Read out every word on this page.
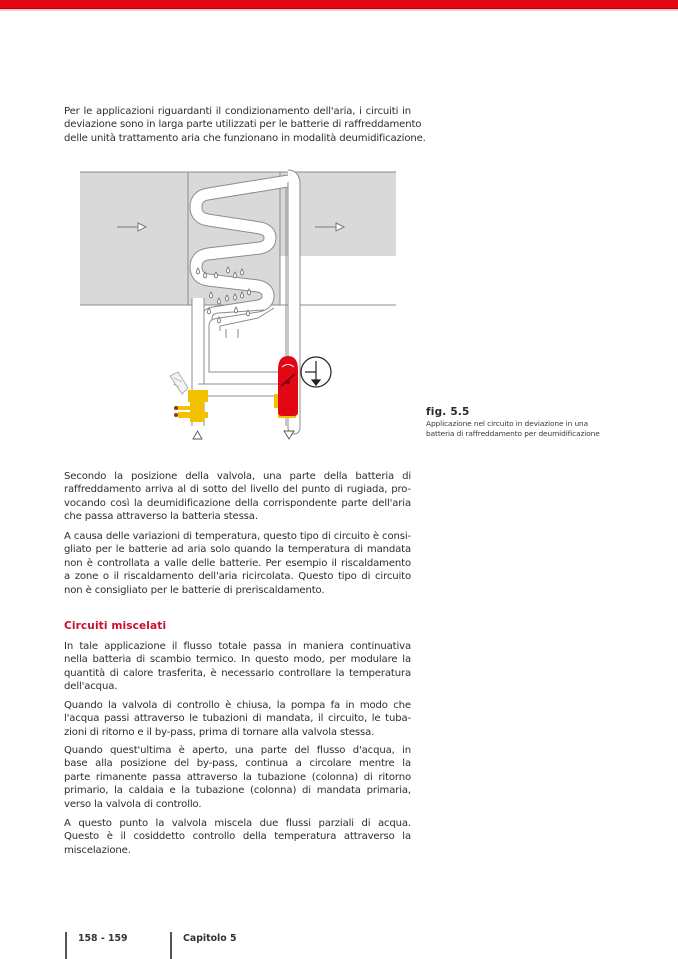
Per le applicazioni riguardanti il condizionamento dell'aria, i circuiti in
deviazione sono in larga parte utilizzati per le batterie di raffreddamento
delle unità trattamento aria che funzionano in modalità deumidificazione.
fig. 5.5
Applicazione nel circuito in deviazione in una
batteria di raffreddamento per deumidificazione
Secondo la posizione della valvola, una parte della batteria di
raffreddamento arriva al di sotto del livello del punto di rugiada, pro-
vocando così la deumidificazione della corrispondente parte dell'aria
che passa attraverso la batteria stessa.
A causa delle variazioni di temperatura, questo tipo di circuito è consi-
gliato per le batterie ad aria solo quando la temperatura di mandata
non è controllata a valle delle batterie. Per esempio il riscaldamento
a zone o il riscaldamento dell'aria ricircolata. Questo tipo di circuito
non è consigliato per le batterie di preriscaldamento.
Circuiti miscelati
In tale applicazione il flusso totale passa in maniera continuativa
nella batteria di scambio termico. In questo modo, per modulare la
quantità di calore trasferita, è necessario controllare la temperatura
dell'acqua.
Quando la valvola di controllo è chiusa, la pompa fa in modo che
l'acqua passi attraverso le tubazioni di mandata, il circuito, le tuba-
zioni di ritorno e il by-pass, prima di tornare alla valvola stessa.
Quando quest'ultima è aperto, una parte del flusso d'acqua, in
base alla posizione del by-pass, continua a circolare mentre la
parte rimanente passa attraverso la tubazione (colonna) di ritorno
primario, la caldaia e la tubazione (colonna) di mandata primaria,
verso la valvola di controllo.
A questo punto la valvola miscela due flussi parziali di acqua.
Questo è il cosiddetto controllo della temperatura attraverso la
miscelazione.
158 - 159	Capitolo 5
